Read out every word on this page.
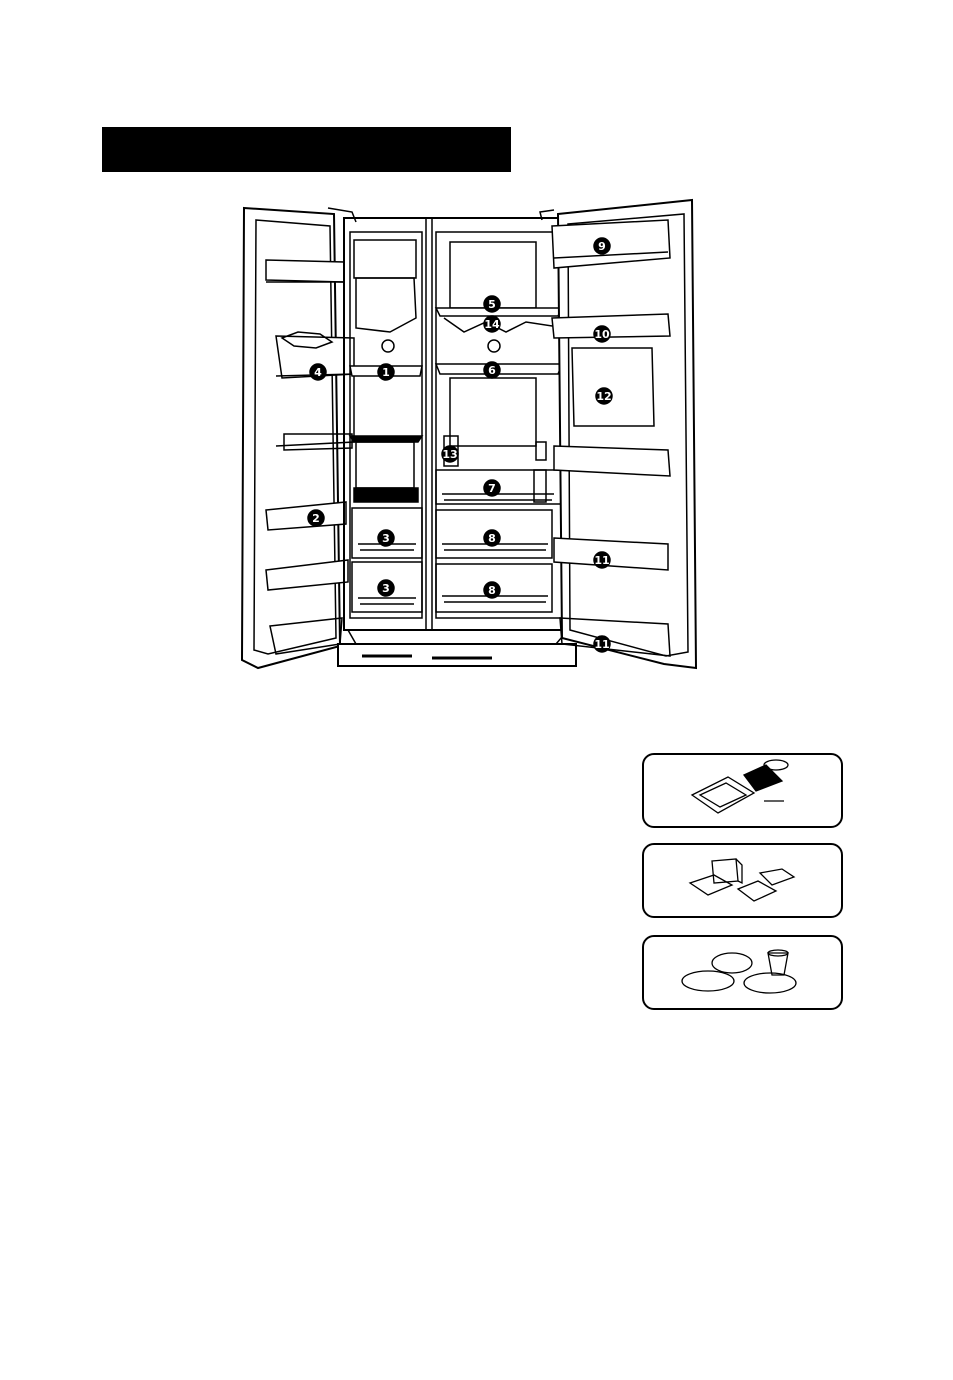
1
2
3
3
4
5
6
7
8
8
9
10
11
11
12
13
14
